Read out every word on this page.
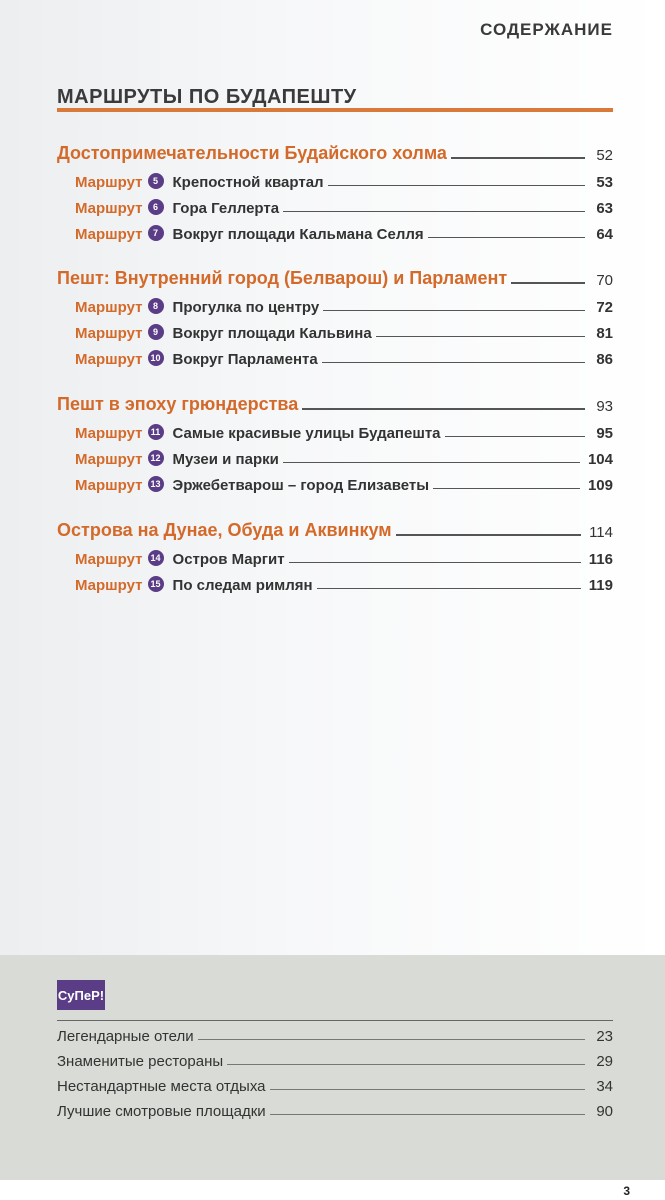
СОДЕРЖАНИЕ
МАРШРУТЫ ПО БУДАПЕШТУ
Достопримечательности Будайского холма	52
Маршрут	5 Крепостной квартал	53
Маршрут	6 Гора Геллерта	63
Маршрут	7 Вокруг площади Кальмана Селля	64
Пешт: Внутренний город (Белварош) и Парламент	70
Маршрут	8 Прогулка по центру	72
Маршрут	9 Вокруг площади Кальвина	81
Маршрут 10 Вокруг Парламента	86
Пешт в эпоху грюндерства	93
Маршрут 11 Самые красивые улицы Будапешта	95
Маршрут 12 Музеи и парки	104
Маршрут 13 Эржебетварош – город Елизаветы	109
Острова на Дунае, Обуда и Аквинкум	114
Маршрут 14 Остров Маргит	116
Маршрут 15 По следам римлян	119
СуПеР!
Легендарные отели	23
Знаменитые рестораны	29
Нестандартные места отдыха	34
Лучшие смотровые площадки	90
3
